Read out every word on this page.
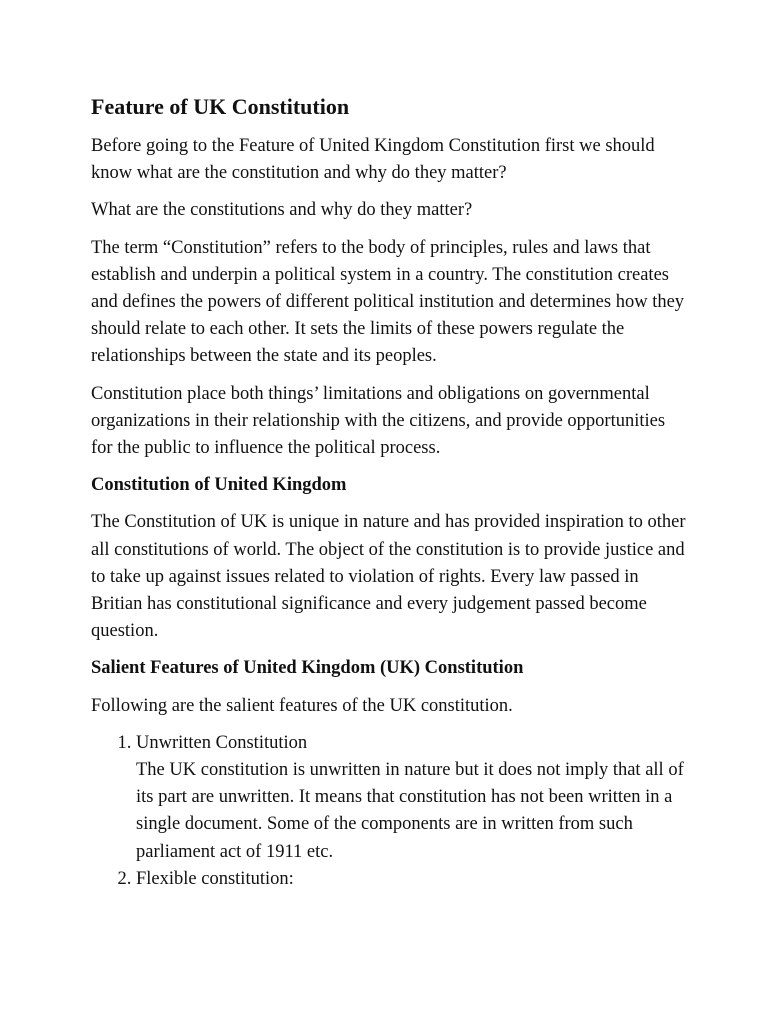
Feature of UK Constitution

Before going to the Feature of United Kingdom Constitution first we should know what are the constitution and why do they matter?

What are the constitutions and why do they matter?

The term “Constitution” refers to the body of principles, rules and laws that establish and underpin a political system in a country. The constitution creates and defines the powers of different political institution and determines how they should relate to each other. It sets the limits of these powers regulate the relationships between the state and its peoples.

Constitution place both things’ limitations and obligations on governmental organizations in their relationship with the citizens, and provide opportunities for the public to influence the political process.

Constitution of United Kingdom

The Constitution of UK is unique in nature and has provided inspiration to other all constitutions of world. The object of the constitution is to provide justice and to take up against issues related to violation of rights. Every law passed in Britian has constitutional significance and every judgement passed become question.

Salient Features of United Kingdom (UK) Constitution

Following are the salient features of the UK constitution.

1. Unwritten Constitution
The UK constitution is unwritten in nature but it does not imply that all of its part are unwritten. It means that constitution has not been written in a single document. Some of the components are in written from such parliament act of 1911 etc.
2. Flexible constitution:
